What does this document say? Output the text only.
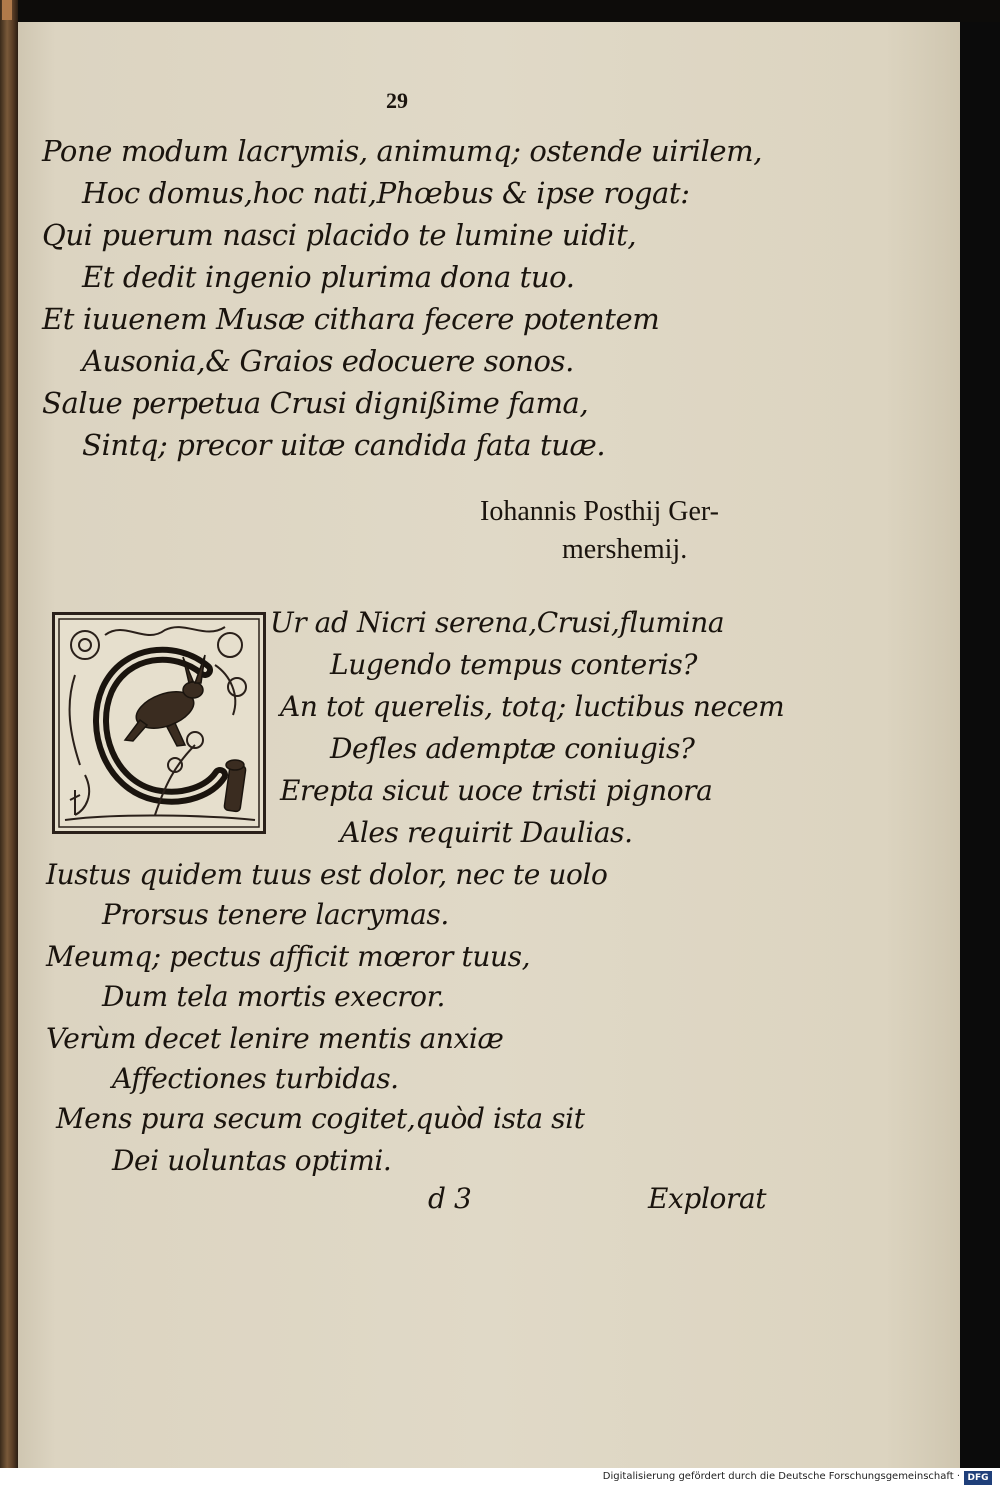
29
Pone modum lacrymis, animumq; ostende uirilem,
Hoc domus,hoc nati,Phœbus & ipse rogat:
Qui puerum nasci placido te lumine uidit,
Et dedit ingenio plurima dona tuo.
Et iuuenem Musæ cithara fecere potentem
Ausonia,& Graios edocuere sonos.
Salue perpetua Crusi dignißime fama,
Sintq; precor uitæ candida fata tuæ.
Iohannis Posthij Ger-
mershemij.
Ur ad Nicri serena,Crusi,flumina
Lugendo tempus conteris?
An tot querelis, totq; luctibus necem
Defles ademptæ coniugis?
Erepta sicut uoce tristi pignora
Ales requirit Daulias.
Iustus quidem tuus est dolor, nec te uolo
Prorsus tenere lacrymas.
Meumq; pectus afficit mœror tuus,
Dum tela mortis execror.
Verùm decet lenire mentis anxiæ
Affectiones turbidas.
Mens pura secum cogitet,quòd ista sit
Dei uoluntas optimi.
d 3	Explorat
Digitalisierung gefördert durch die Deutsche Forschungsgemeinschaft · DFG
